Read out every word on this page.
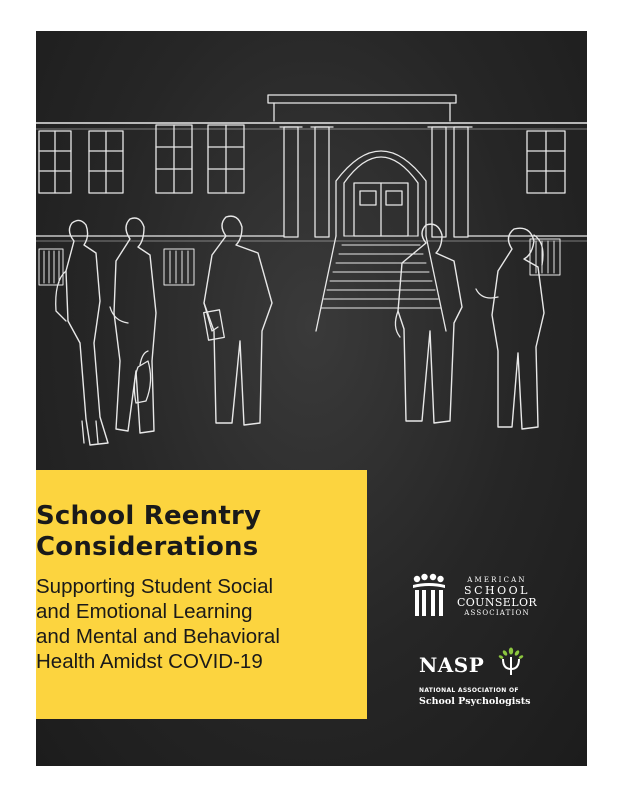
School Reentry
Considerations
Supporting Student Social
and Emotional Learning
and Mental and Behavioral
Health Amidst COVID-19
AMERICAN
SCHOOL
COUNSELOR
ASSOCIATION
NASP
NATIONAL ASSOCIATION OF
School Psychologists
